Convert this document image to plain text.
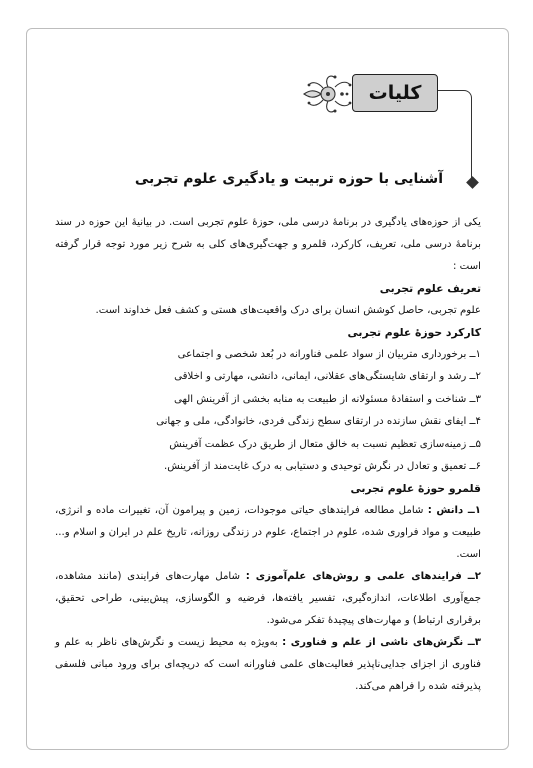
کلیات
آشنایی با حوزه تربیت و یادگیری علوم تجربی

یکی از حوزه‌های یادگیری در برنامهٔ درسی ملی، حوزهٔ علوم تجربی است. در بیانیهٔ این حوزه در سند برنامهٔ درسی ملی، تعریف، کارکرد، قلمرو و جهت‌گیری‌های کلی به شرح زیر مورد توجه قرار گرفته است :

تعریف علوم تجربی

علوم تجربی، حاصل کوشش انسان برای درک واقعیت‌های هستی و کشف فعل خداوند است.

کارکرد حوزهٔ علوم تجربی

۱ــ برخورداری متربیان از سواد علمی فناورانه در بُعد شخصی و اجتماعی

۲ــ رشد و ارتقای شایستگی‌های عقلانی، ایمانی، دانشی، مهارتی و اخلاقی

۳ــ شناخت و استفادهٔ مسئولانه از طبیعت به منابه بخشی از آفرینش الهی

۴ــ ایفای نقش سازنده در ارتقای سطح زندگی فردی، خانوادگی، ملی و جهانی

۵ــ زمینه‌سازی تعظیم نسبت به خالق متعال از طریق درک عظمت آفرینش

۶ــ تعمیق و تعادل در نگرش توحیدی و دستیابی به درک غایت‌مند از آفرینش.

قلمرو حوزهٔ علوم تجربی

۱ــ دانش : شامل مطالعه فرایندهای حیاتی موجودات، زمین و پیرامون آن، تغییرات ماده و انرژی، طبیعت و مواد فراوری شده، علوم در اجتماع، علوم در زندگی روزانه، تاریخ علم در ایران و اسلام و... است.

۲ــ فرایندهای علمی و روش‌های علم‌آموزی : شامل مهارت‌های فرایندی (مانند مشاهده، جمع‌آوری اطلاعات، اندازه‌گیری، تفسیر یافته‌ها، فرضیه و الگوسازی، پیش‌بینی، طراحی تحقیق، برقراری ارتباط) و مهارت‌های پیچیدهٔ تفکر می‌شود.

۳ــ نگرش‌های ناشی از علم و فناوری : به‌ویژه به محیط زیست و نگرش‌های ناظر به علم و فناوری از اجزای جدایی‌ناپذیر فعالیت‌های علمی فناورانه است که دریچه‌ای برای ورود مبانی فلسفی پذیرفته شده را فراهم می‌کند.
